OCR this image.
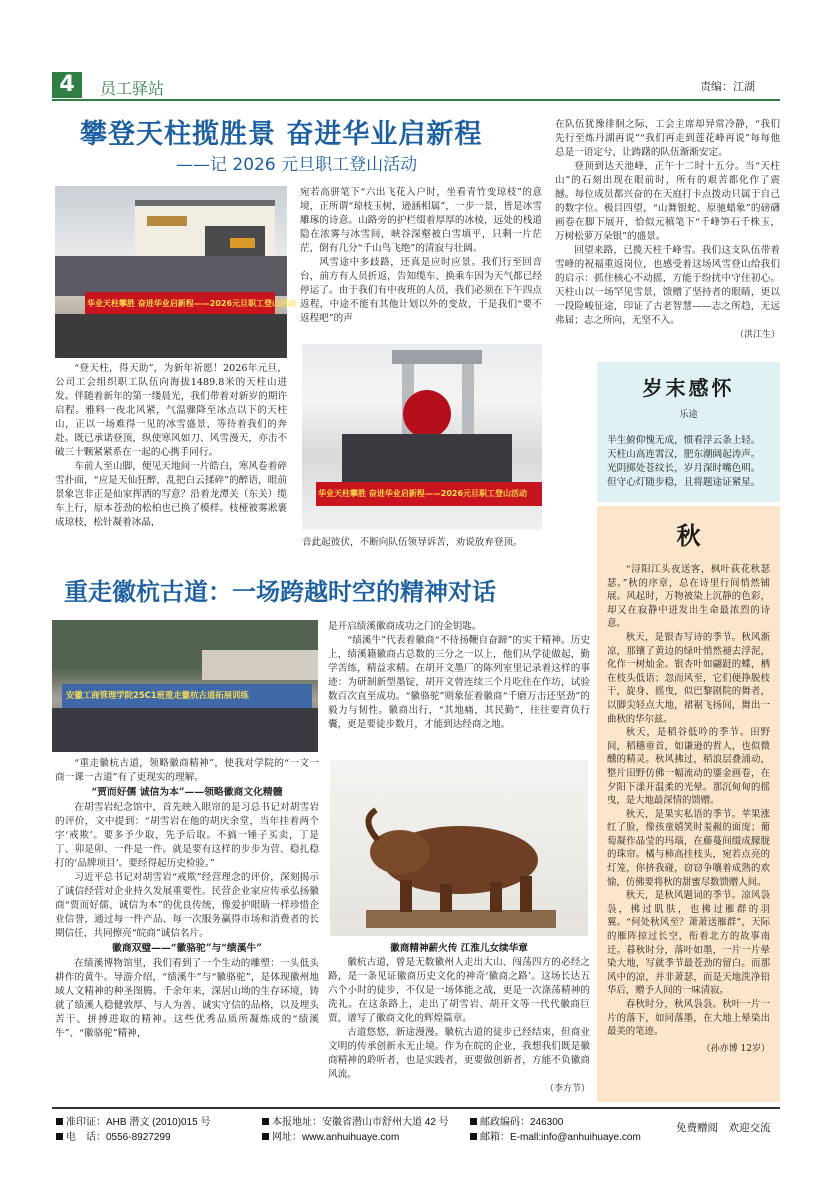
4	员工驿站	责编：江湖
攀登天柱揽胜景 奋进华业启新程
——记 2026 元旦职工登山活动
华业天柱攀胜 奋进华业启新程——2026元旦职工登山活动

“登天柱，得天助”，为新年祈愿！2026年元旦，公司工会组织职工队伍向海拔1489.8米的天柱山进发。伴随着新年的第一缕晨光，我们带着对新岁的期许启程。雅料一夜北风紧，气温骤降至冰点以下的天柱山，正以一场难得一见的冰雪盛景，等待着我们的奔赴。既已承诺登顶，纵使寒风如刀、风雪漫天，亦击不破三十颗紧紧系在一起的心携手同行。

车前人至山脚，便见天地间一片皓白，寒风卷着碎雪扑面，“应是天仙狂醉，乱把白云揉碎”的醉语，眼前景象岂非正是仙家挥洒的写意？沿着龙潭关（东关）缆车上行，原本苍劲的松柏也已换了模样。枝桠被雾凇裹成琼枝，松针凝着冰晶，

宛若高骈笔下“六出飞花入户时，坐看青竹变琼枝”的意境，正所谓“琼枝玉树，逊涵相属”，一步一景，皆是冰雪雕琢的诗意。山路旁的护栏缀着厚厚的冰棱，远处的栈道隐在浓雾与冰雪间，峡谷深壑被白雪填平，只剩一片茫茫，倒有几分“千山鸟飞绝”的清寂与壮阔。

风雪途中多歧路，还真是应时应景。我们行至回音台，前方有人员折返，告知缆车、换乘车因为天气都已经停运了。由于我们有中夜班的人员，我们必须在下午四点返程，中途不能有其他计划以外的变故，于是我们“要不返程吧”的声

华业天柱攀胜 奋进华业启新程——2026元旦职工登山活动
音此起彼伏，不断向队伍领导诉苦，劝说放弃登顶。

在队伍犹豫徘徊之际，工会主席却异常冷静，“我们先行至炼丹湖再说”“我们再走到莲花峰再说”每每他总是一语定兮，让踌躇的队伍渐渐安定。

登顶到达天池峰，正午十二时十五分。当“天柱山”的石刻出现在眼前时，所有的艰苦都化作了震撼。每位成员都兴奋的在天庭打卡点拨动只属于自己的数字位。极目四望，“山舞银蛇、原驰蜡象”的磅礴画卷在脚下展开，恰似元稹笔下“千峰笋石千株玉，万树松萝万朵银”的盛景。

回望来路，已揽天柱千峰雪。我们这支队伍带着雪峰的祝福重返岗位，也感受着这场风雪登山给我们的启示：抓住核心不动摇，方能于纷扰中守住初心。天柱山以一场罕见雪景，馈赠了坚持者的眼睛，更以一段险峻征途，印证了古老智慧——志之所趋，无远弗届；志之所向，无坚不入。

（洪江生）
岁末感怀
乐途
半生俯仰愧无成，惯看浮云条上轻。
天柱山高连霄汉，肥东潮阔起涛声。
光阴掷处苍纹长，岁月深时嘴色明。
但守心灯随步稳，且将题途证紧星。
秋

“浔阳江头夜送客，枫叶荻花秋瑟瑟。”秋的序章，总在诗里行间悄然铺展。风起时，万物被染上沉静的色彩，却又在寂静中迸发出生命最浓烈的诗意。

秋天，是银杏写诗的季节。秋风渐凉，那镶了黄边的绿叶悄然褪去浮泥，化作一树灿金。银杏叶如翩跹的蝶，栖在枝头低语；忽而风至，它们便挣脱枝干，旋身、摇曳，似巴黎剧院的舞者，以脚尖轻点大地，裙裾飞扬间，舞出一曲秋的华尔兹。

秋天，是稻谷低吟的季节。田野间，稻穗垂首，如谦逊的哲人，也似微醺的精灵。秋风拂过，稻浪层叠涌动，整片田野仿佛一幅流动的鎏金画卷，在夕阳下漾开温柔的光晕。那沉甸甸的摇曳，是大地最深情的馈赠。

秋天，是果实私语的季节。苹果涨红了脸，像孩童嬉笑时羞赧的面庞；葡萄凝作晶莹的玛瑙，在藤蔓间缀成朦胧的珠帘。橘与柿高挂枝头，宛若点亮的灯笼，你挤我碰，窃窃争嚷着成熟的欢愉，仿佛要将秋的甜蜜尽数馈赠人间。

秋天，是秋风题词的季节。凉风袅袅，拂过肌肤，也拂过雁群的羽翼。“何处秋风至？萧萧送雁群”，天际的雁阵掠过长空，衔着北方的故事南迁。暮秋时分，落叶如墨，一片一片晕染大地，写就季节最苍劲的留白。而那风中的凉，并非萧瑟，而是天地洗净铅华后，赠予人间的一味清寂。

春秋时分，秋风袅袅。秋叶一片一片的落下，如同落墨，在大地上晕染出最美的笔迹。

（孙亦博 12岁）
重走徽杭古道：一场跨越时空的精神对话
安徽工商管理学院25C1班重走徽杭古道拓展训练

“重走徽杭古道，领略徽商精神”，使我对学院的“一文一商一课一古道”有了更现实的理解。

“贾而好儒 诚信为本”——领略徽商文化精髓

在胡雪岩纪念馆中，首先映入眼帘的是习总书记对胡雪岩的评价，文中提到：“胡雪岩在他的胡庆余堂，当年挂着两个字‘戒欺’。要多予少取，先予后取。不搞一锤子买卖，丁是丁、卯是卯、一件是一件。就是要有这样的步步为营、稳扎稳打的‘品牌项目’。要经得起历史检验。”

习近平总书记对胡雪岩“戒欺”经营理念的评价，深刻揭示了诚信经营对企业持久发展重要性。民营企业家应传承弘扬徽商“贾而好儒、诚信为本”的优良传统，像爱护眼睛一样珍惜企业信誉，通过每一件产品、每一次服务赢得市场和消费者的长期信任，共同擦亮“皖商”诚信名片。

徽商双璧——“徽骆驼”与“绩溪牛”

在绩溪博物馆里，我们看到了一个生动的雕塑：一头低头耕作的黄牛。导游介绍，“绩溪牛”与“徽骆驼”，是体现徽州地域人文精神的种圣图腾。千余年来，深居山坳的生存环境，铸就了绩溪人稳健敦厚、与人为善、诚实守信的品格，以及埋头苦干、拼搏进取的精神。这些优秀品质所凝炼成的“绩溪牛”、“徽骆驼”精神，

是开启绩溪徽商成功之门的金钥匙。

“绩溪牛”代表着徽商“不待扬鞭自奋蹄”的实干精神。历史上，绩溪籍徽商占总数的三分之一以上，他们从学徒做起，勤学苦练，精益求精。在胡开文墨厂的陈列室里记录着这样的事迹：为研制新型墨锭，胡开文曾连续三个月吃住在作坊，试验数百次直至成功。“徽骆驼”则象征着徽商“千磨万击还坚劲”的毅力与韧性。徽商出行，“其地痛，其民勤”，往往要背负行囊，更是要徒步数月，才能到达经商之地。

徽商精神薪火传 江淮儿女续华章

徽杭古道，曾是无数徽州人走出大山、闯荡四方的必经之路，是一条见证徽商历史文化的神奇‘徽商之路’。这场长达五六个小时的徒步，不仅是一场体能之战，更是一次涤荡精神的洗礼。在这条路上，走出了胡雪岩、胡开文等一代代徽商巨贾，谱写了徽商文化的辉煌篇章。

古道悠悠，新途漫漫。徽杭古道的徒步已经结束，但商业文明的传承创新永无止境。作为在皖的企业，我想我们既是徽商精神的聆听者，也是实践者，更要做创新者，方能不负徽商风流。

（李方节）
准印证：AHB 潜文 (2010)015 号	本报地址：安徽省潜山市舒州大道 42 号	邮政编码：246300
电　话：0556-8927299	网址：www.anhuihuaye.com	邮箱：E-mall:info@anhuihuaye.com
免费赠阅　欢迎交流
